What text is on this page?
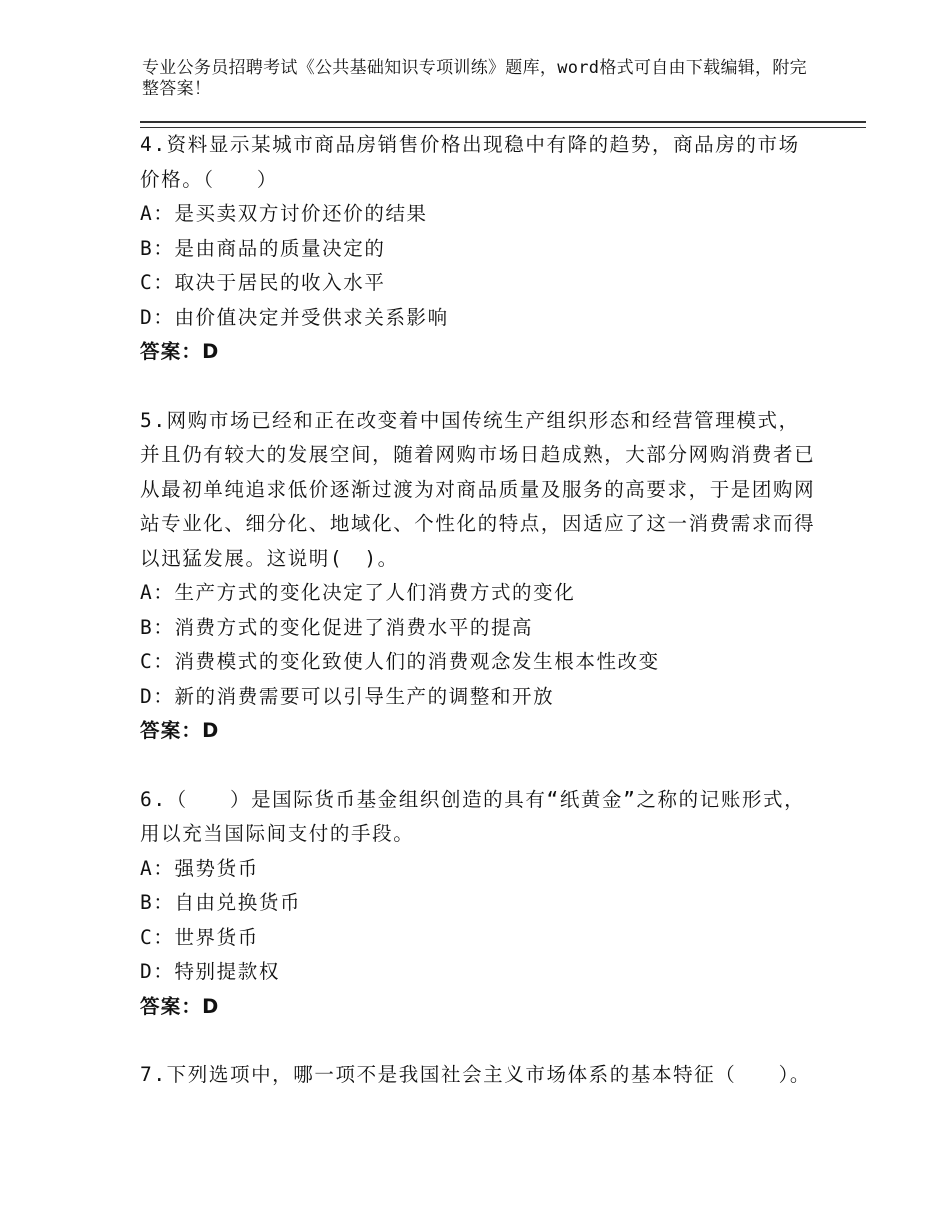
专业公务员招聘考试《公共基础知识专项训练》题库，word格式可自由下载编辑，附完整答案！

4.资料显示某城市商品房销售价格出现稳中有降的趋势，商品房的市场价格。（　　）

A：是买卖双方讨价还价的结果

B：是由商品的质量决定的

C：取决于居民的收入水平

D：由价值决定并受供求关系影响

答案：D

5.网购市场已经和正在改变着中国传统生产组织形态和经营管理模式，并且仍有较大的发展空间，随着网购市场日趋成熟，大部分网购消费者已从最初单纯追求低价逐渐过渡为对商品质量及服务的高要求，于是团购网站专业化、细分化、地域化、个性化的特点，因适应了这一消费需求而得以迅猛发展。这说明(　)。

A：生产方式的变化决定了人们消费方式的变化

B：消费方式的变化促进了消费水平的提高

C：消费模式的变化致使人们的消费观念发生根本性改变

D：新的消费需要可以引导生产的调整和开放

答案：D

6.（　　）是国际货币基金组织创造的具有“纸黄金”之称的记账形式，用以充当国际间支付的手段。

A：强势货币

B：自由兑换货币

C：世界货币

D：特别提款权

答案：D

7.下列选项中，哪一项不是我国社会主义市场体系的基本特征（　　）。
